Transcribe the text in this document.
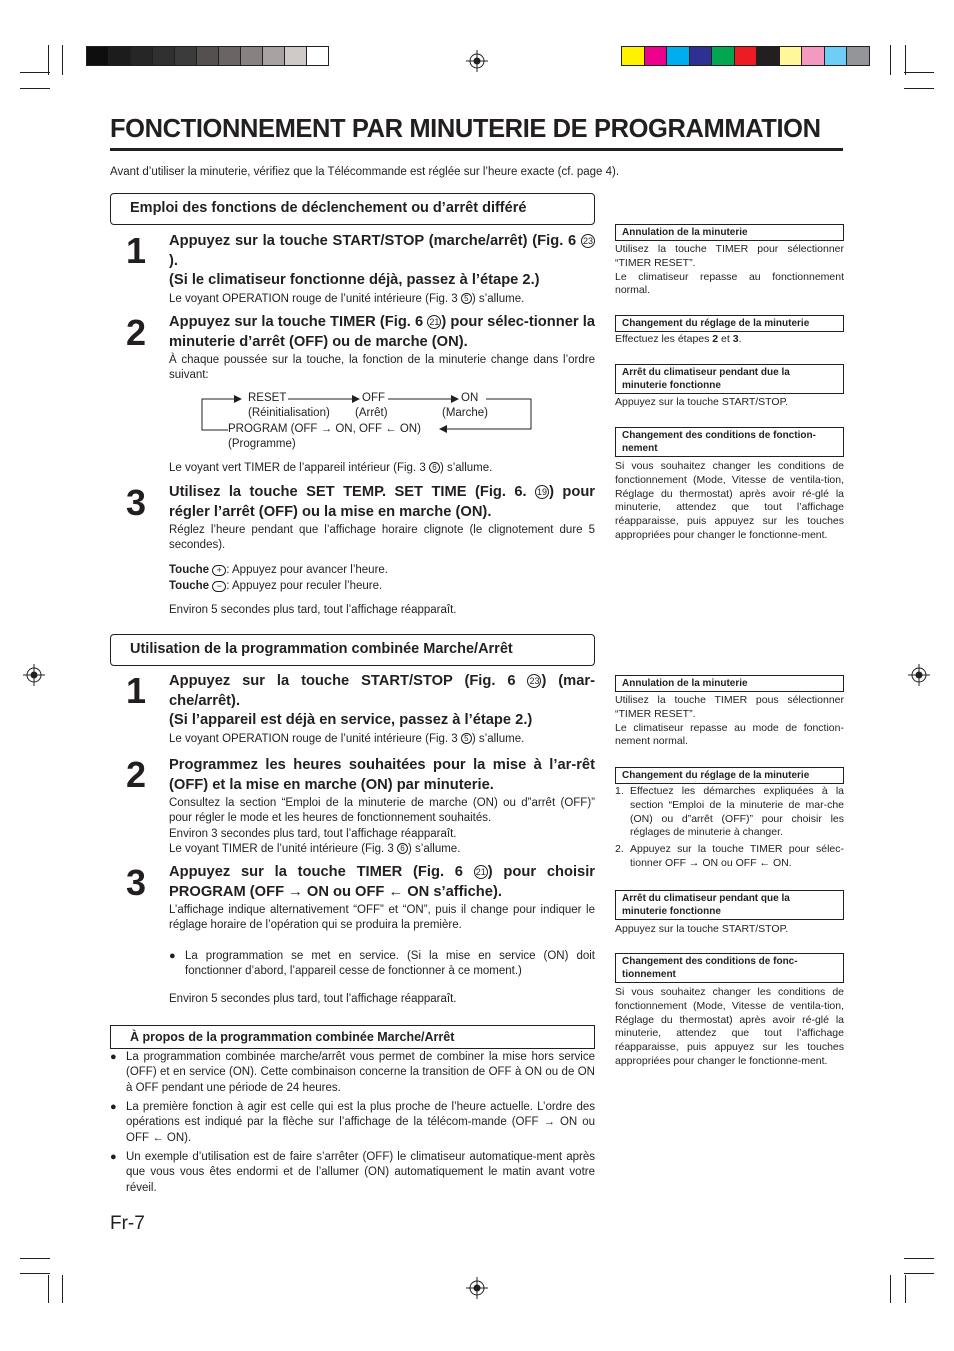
FONCTIONNEMENT PAR MINUTERIE DE PROGRAMMATION
Avant d’utiliser la minuterie, vérifiez que la Télécommande est réglée sur l’heure exacte (cf. page 4).
Emploi des fonctions de déclenchement ou d’arrêt différé
1 Appuyez sur la touche START/STOP (marche/arrêt) (Fig. 6 23).
(Si le climatiseur fonctionne déjà, passez à l’étape 2.)
Le voyant OPERATION rouge de l’unité intérieure (Fig. 3 5 ) s’allume.
2 Appuyez sur la touche TIMER (Fig. 6 21 ) pour sélec-tionner la minuterie d’arrêt (OFF) ou de marche (ON).
À chaque poussée sur la touche, la fonction de la minuterie change dans l’ordre suivant:
RESET
(Réinitialisation)
OFF
(Arrêt)
ON
(Marche)
PROGRAM (OFF → ON, OFF ← ON)
(Programme)
Le voyant vert TIMER de l’appareil intérieur (Fig. 3 6 ) s’allume.
3 Utilisez la touche SET TEMP. SET TIME (Fig. 6. 19 ) pour régler l’arrêt (OFF) ou la mise en marche (ON).
Réglez l’heure pendant que l’affichage horaire clignote (le clignotement dure 5 secondes).
Touche + : Appuyez pour avancer l’heure.
Touche − : Appuyez pour reculer l’heure.
Environ 5 secondes plus tard, tout l’affichage réapparaît.
Annulation de la minuterie
Utilisez la touche TIMER pour sélectionner “TIMER RESET”.
Le climatiseur repasse au fonctionnement normal.
Changement du réglage de la minuterie
Effectuez les étapes 2 et 3.
Arrêt du climatiseur pendant due la minuterie fonctionne
Appuyez sur la touche START/STOP.
Changement des conditions de fonction-nement
Si vous souhaitez changer les conditions de fonctionnement (Mode, Vitesse de ventila-tion, Réglage du thermostat) après avoir ré-glé la minuterie, attendez que tout l’affichage réapparaisse, puis appuyez sur les touches appropriées pour changer le fonctionne-ment.
Utilisation de la programmation combinée Marche/Arrêt
1 Appuyez sur la touche START/STOP (Fig. 6 23 ) (mar-che/arrêt).
(Si l’appareil est déjà en service, passez à l’étape 2.)
Le voyant OPERATION rouge de l’unité intérieure (Fig. 3 5 ) s’allume.
2 Programmez les heures souhaitées pour la mise à l’ar-rêt (OFF) et la mise en marche (ON) par minuterie.
Consultez la section “Emploi de la minuterie de marche (ON) ou d”arrêt (OFF)” pour régler le mode et les heures de fonctionnement souhaités.
Environ 3 secondes plus tard, tout l’affichage réapparaît.
Le voyant TIMER de l’unité intérieure (Fig. 3 6 ) s’allume.
3 Appuyez sur la touche TIMER (Fig. 6 21 ) pour choisir PROGRAM (OFF → ON ou OFF ← ON s’affiche).
L’affichage indique alternativement “OFF” et “ON”, puis il change pour indiquer le réglage horaire de l’opération qui se produira la première.
● La programmation se met en service. (Si la mise en service (ON) doit fonctionner d’abord, l’appareil cesse de fonctionner à ce moment.)
Environ 5 secondes plus tard, tout l’affichage réapparaît.
À propos de la programmation combinée Marche/Arrêt
● La programmation combinée marche/arrêt vous permet de combiner la mise hors service (OFF) et en service (ON). Cette combinaison concerne la transition de OFF à ON ou de ON à OFF pendant une période de 24 heures.
● La première fonction à agir est celle qui est la plus proche de l’heure actuelle. L’ordre des opérations est indiqué par la flèche sur l’affichage de la télécom-mande (OFF → ON ou OFF ← ON).
● Un exemple d’utilisation est de faire s’arrêter (OFF) le climatiseur automatique-ment après que vous vous êtes endormi et de l’allumer (ON) automatiquement le matin avant votre réveil.
Annulation de la minuterie
Utilisez la touche TIMER pous sélectionner “TIMER RESET”.
Le climatiseur repasse au mode de fonction-nement normal.
Changement du réglage de la minuterie
1. Effectuez les démarches expliquées à la section “Emploi de la minuterie de mar-che (ON) ou d”arrêt (OFF)” pour choisir les réglages de minuterie à changer.
2. Appuyez sur la touche TIMER pour sélec-tionner OFF → ON ou OFF ← ON.
Arrêt du climatiseur pendant que la minuterie fonctionne
Appuyez sur la touche START/STOP.
Changement des conditions de fonc-tionnement
Si vous souhaitez changer les conditions de fonctionnement (Mode, Vitesse de ventila-tion, Réglage du thermostat) après avoir ré-glé la minuterie, attendez que tout l’affichage réapparaisse, puis appuyez sur les touches appropriées pour changer le fonctionne-ment.
Fr-7
